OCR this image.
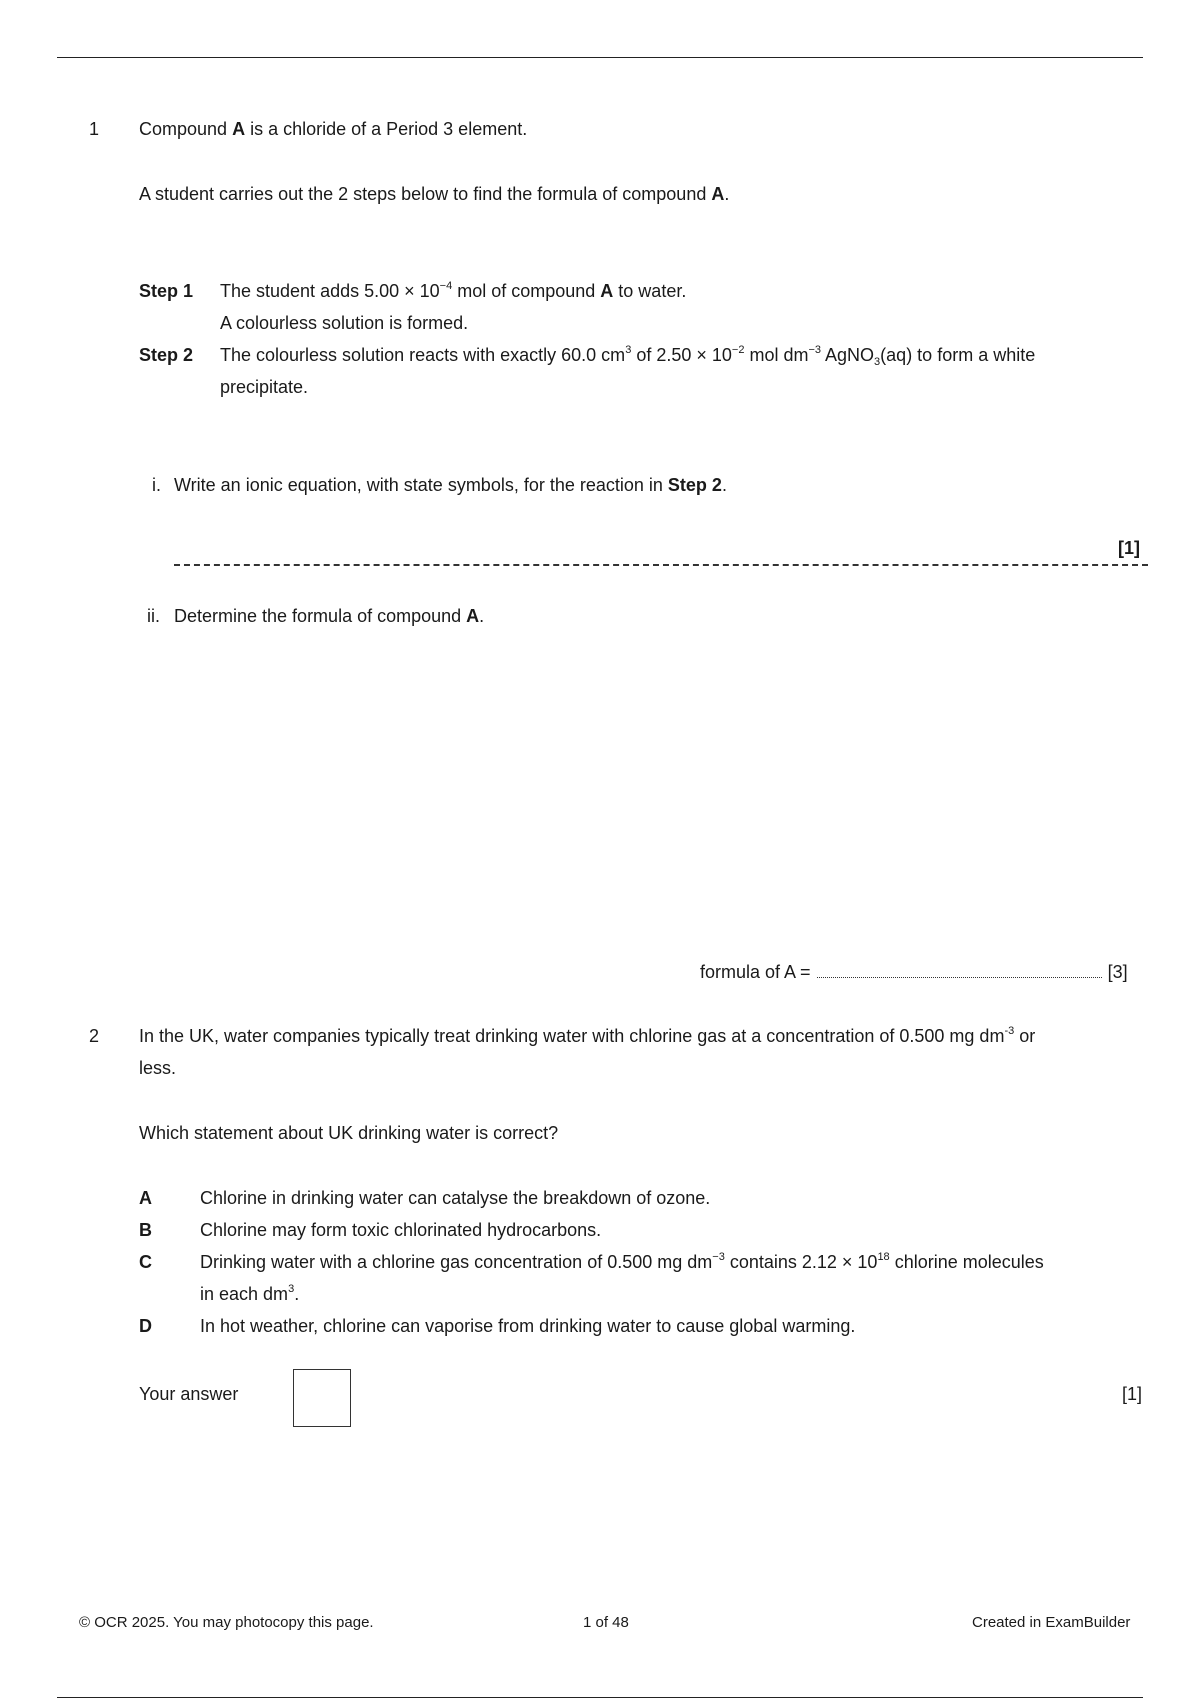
1 Compound A is a chloride of a Period 3 element.
A student carries out the 2 steps below to find the formula of compound A.
Step 1 The student adds $5.00 \times 10^{-4}$ mol of compound A to water.
A colourless solution is formed.
Step 2 The colourless solution reacts with exactly 60.0 $cm^3$ of $2.50 \times 10^{-2}$ mol $dm^{-3}$ AgNO$_3$(aq) to form a white
precipitate.
i. Write an ionic equation, with state symbols, for the reaction in Step 2.
[1]
ii. Determine the formula of compound A.
formula of A =	[3]
2 In the UK, water companies typically treat drinking water with chlorine gas at a concentration of 0.500 mg $dm^{-3}$ or
less.
Which statement about UK drinking water is correct?
A	Chlorine in drinking water can catalyse the breakdown of ozone.
B	Chlorine may form toxic chlorinated hydrocarbons.
C	Drinking water with a chlorine gas concentration of 0.500 mg $dm^{-3}$ contains $2.12 \times 10^{18}$ chlorine molecules
in each $dm^3$.
D	In hot weather, chlorine can vaporise from drinking water to cause global warming.
Your answer	[1]
© OCR 2025. You may photocopy this page.	1 of 48	Created in ExamBuilder
